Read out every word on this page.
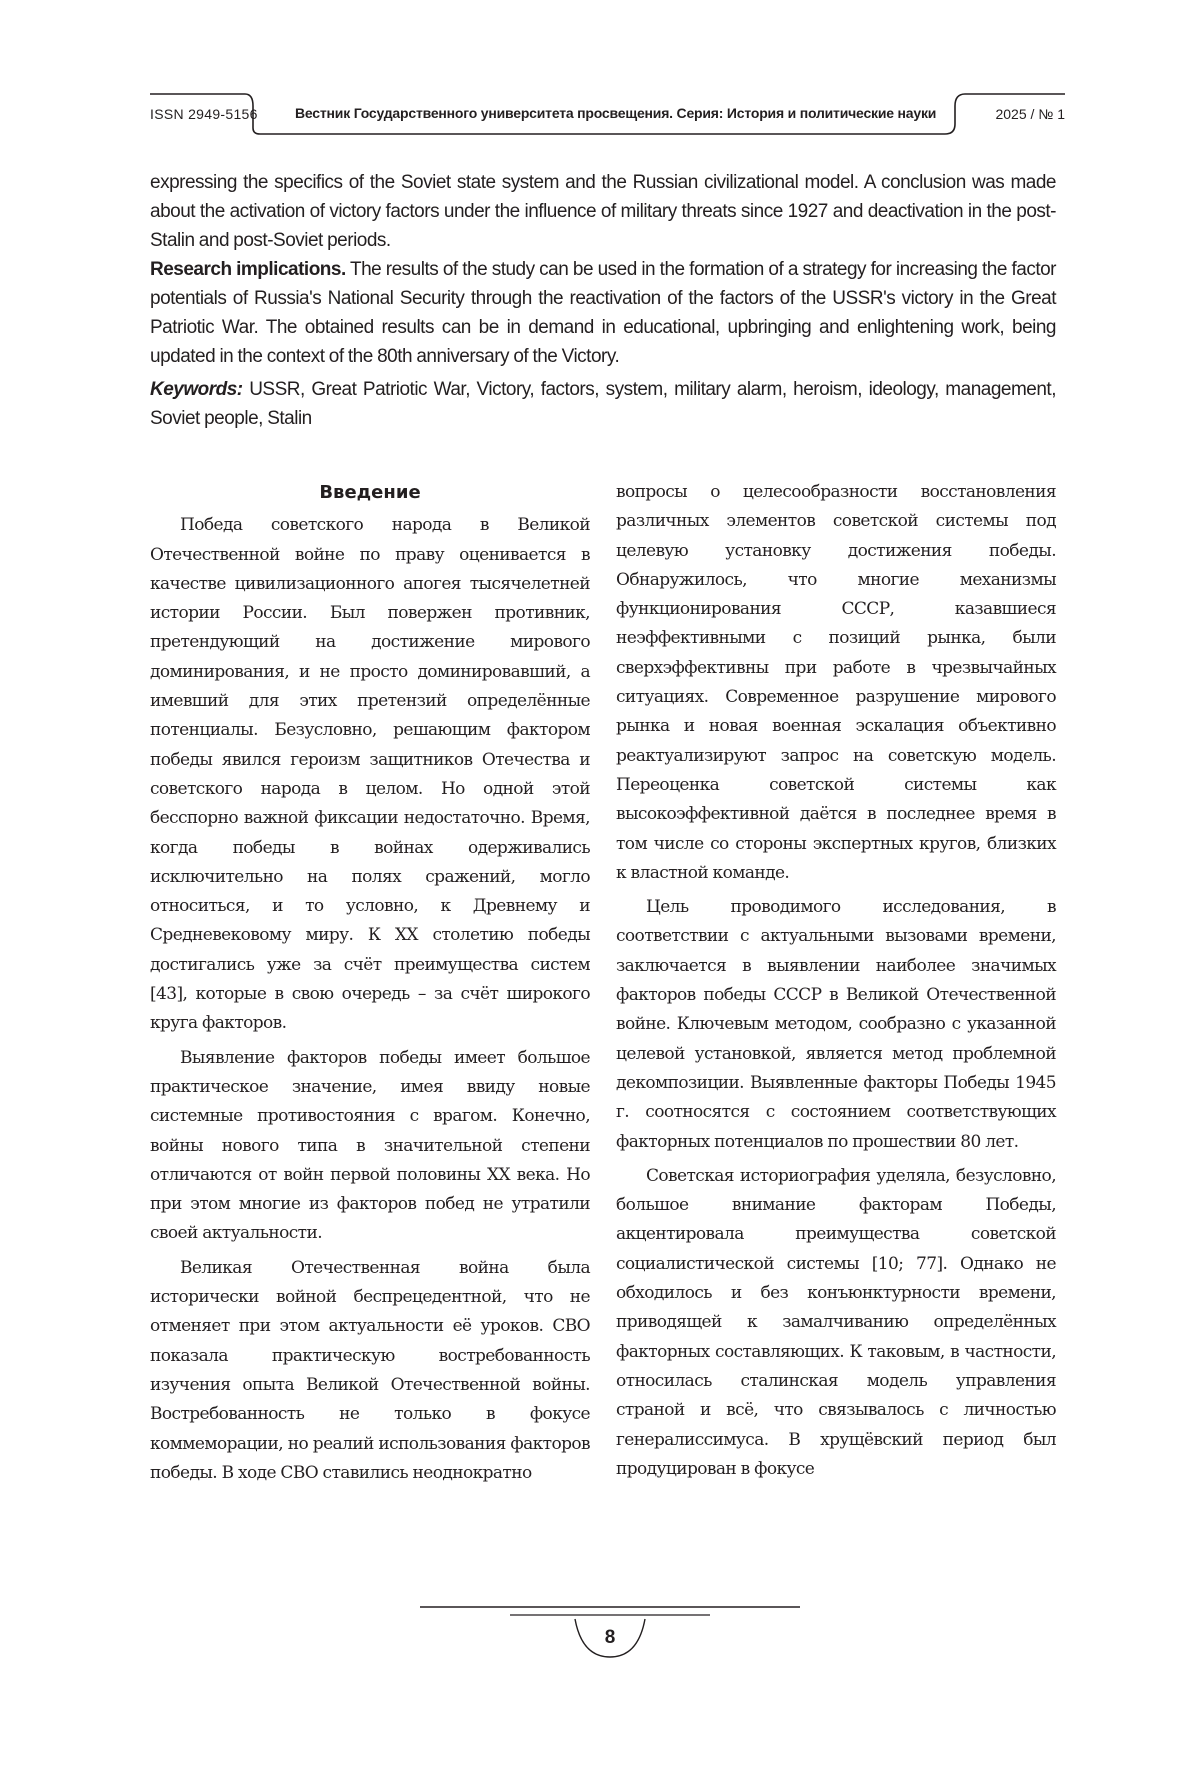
ISSN 2949-5156	Вестник Государственного университета просвещения. Серия: История и политические науки	2025 / № 1

expressing the specifics of the Soviet state system and the Russian civilizational model. A conclusion was made about the activation of victory factors under the influence of military threats since 1927 and deactivation in the post-Stalin and post-Soviet periods.

Research implications. The results of the study can be used in the formation of a strategy for increasing the factor potentials of Russia's National Security through the reactivation of the factors of the USSR's victory in the Great Patriotic War. The obtained results can be in demand in educational, upbringing and enlightening work, being updated in the context of the 80th anniversary of the Victory.

Keywords: USSR, Great Patriotic War, Victory, factors, system, military alarm, heroism, ideology, management, Soviet people, Stalin

Введение

Победа советского народа в Великой Отечественной войне по праву оценивается в качестве цивилизационного апогея тысячелетней истории России. Был повержен противник, претендующий на достижение мирового доминирования, и не просто доминировавший, а имевший для этих претензий определённые потенциалы. Безусловно, решающим фактором победы явился героизм защитников Отечества и советского народа в целом. Но одной этой бесспорно важной фиксации недостаточно. Время, когда победы в войнах одерживались исключительно на полях сражений, могло относиться, и то условно, к Древнему и Средневековому миру. К XX столетию победы достигались уже за счёт преимущества систем [43], которые в свою очередь – за счёт широкого круга факторов.

Выявление факторов победы имеет большое практическое значение, имея ввиду новые системные противостояния с врагом. Конечно, войны нового типа в значительной степени отличаются от войн первой половины XX века. Но при этом многие из факторов побед не утратили своей актуальности.

Великая Отечественная война была исторически войной беспрецедентной, что не отменяет при этом актуальности её уроков. СВО показала практическую востребованность изучения опыта Великой Отечественной войны. Востребованность не только в фокусе коммеморации, но реалий использования факторов победы. В ходе СВО ставились неоднократно

вопросы о целесообразности восстановления различных элементов советской системы под целевую установку достижения победы. Обнаружилось, что многие механизмы функционирования СССР, казавшиеся неэффективными с позиций рынка, были сверхэффективны при работе в чрезвычайных ситуациях. Современное разрушение мирового рынка и новая военная эскалация объективно реактуализируют запрос на советскую модель. Переоценка советской системы как высокоэффективной даётся в последнее время в том числе со стороны экспертных кругов, близких к властной команде.

Цель проводимого исследования, в соответствии с актуальными вызовами времени, заключается в выявлении наиболее значимых факторов победы СССР в Великой Отечественной войне. Ключевым методом, сообразно с указанной целевой установкой, является метод проблемной декомпозиции. Выявленные факторы Победы 1945 г. соотносятся с состоянием соответствующих факторных потенциалов по прошествии 80 лет.

Советская историография уделяла, безусловно, большое внимание факторам Победы, акцентировала преимущества советской социалистической системы [10; 77]. Однако не обходилось и без конъюнктурности времени, приводящей к замалчиванию определённых факторных составляющих. К таковым, в частности, относилась сталинская модель управления страной и всё, что связывалось с личностью генералиссимуса. В хрущёвский период был продуцирован в фокусе

8
